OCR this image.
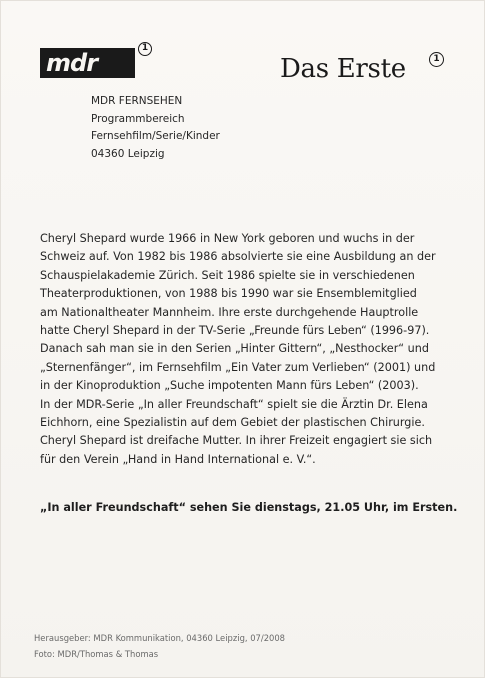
mdr
1
Das Erste	1
MDR FERNSEHEN
Programmbereich
Fernsehfilm/Serie/Kinder
04360 Leipzig
Cheryl Shepard wurde 1966 in New York geboren und wuchs in der
Schweiz auf. Von 1982 bis 1986 absolvierte sie eine Ausbildung an der
Schauspielakademie Zürich. Seit 1986 spielte sie in verschiedenen
Theaterproduktionen, von 1988 bis 1990 war sie Ensemblemitglied
am Nationaltheater Mannheim. Ihre erste durchgehende Hauptrolle
hatte Cheryl Shepard in der TV-Serie „Freunde fürs Leben“ (1996-97).
Danach sah man sie in den Serien „Hinter Gittern“, „Nesthocker“ und
„Sternenfänger“, im Fernsehfilm „Ein Vater zum Verlieben“ (2001) und
in der Kinoproduktion „Suche impotenten Mann fürs Leben“ (2003).
In der MDR-Serie „In aller Freundschaft“ spielt sie die Ärztin Dr. Elena
Eichhorn, eine Spezialistin auf dem Gebiet der plastischen Chirurgie.
Cheryl Shepard ist dreifache Mutter. In ihrer Freizeit engagiert sie sich
für den Verein „Hand in Hand International e. V.“.
„In aller Freundschaft“ sehen Sie dienstags, 21.05 Uhr, im Ersten.
Herausgeber: MDR Kommunikation, 04360 Leipzig, 07/2008
Foto: MDR/Thomas & Thomas
